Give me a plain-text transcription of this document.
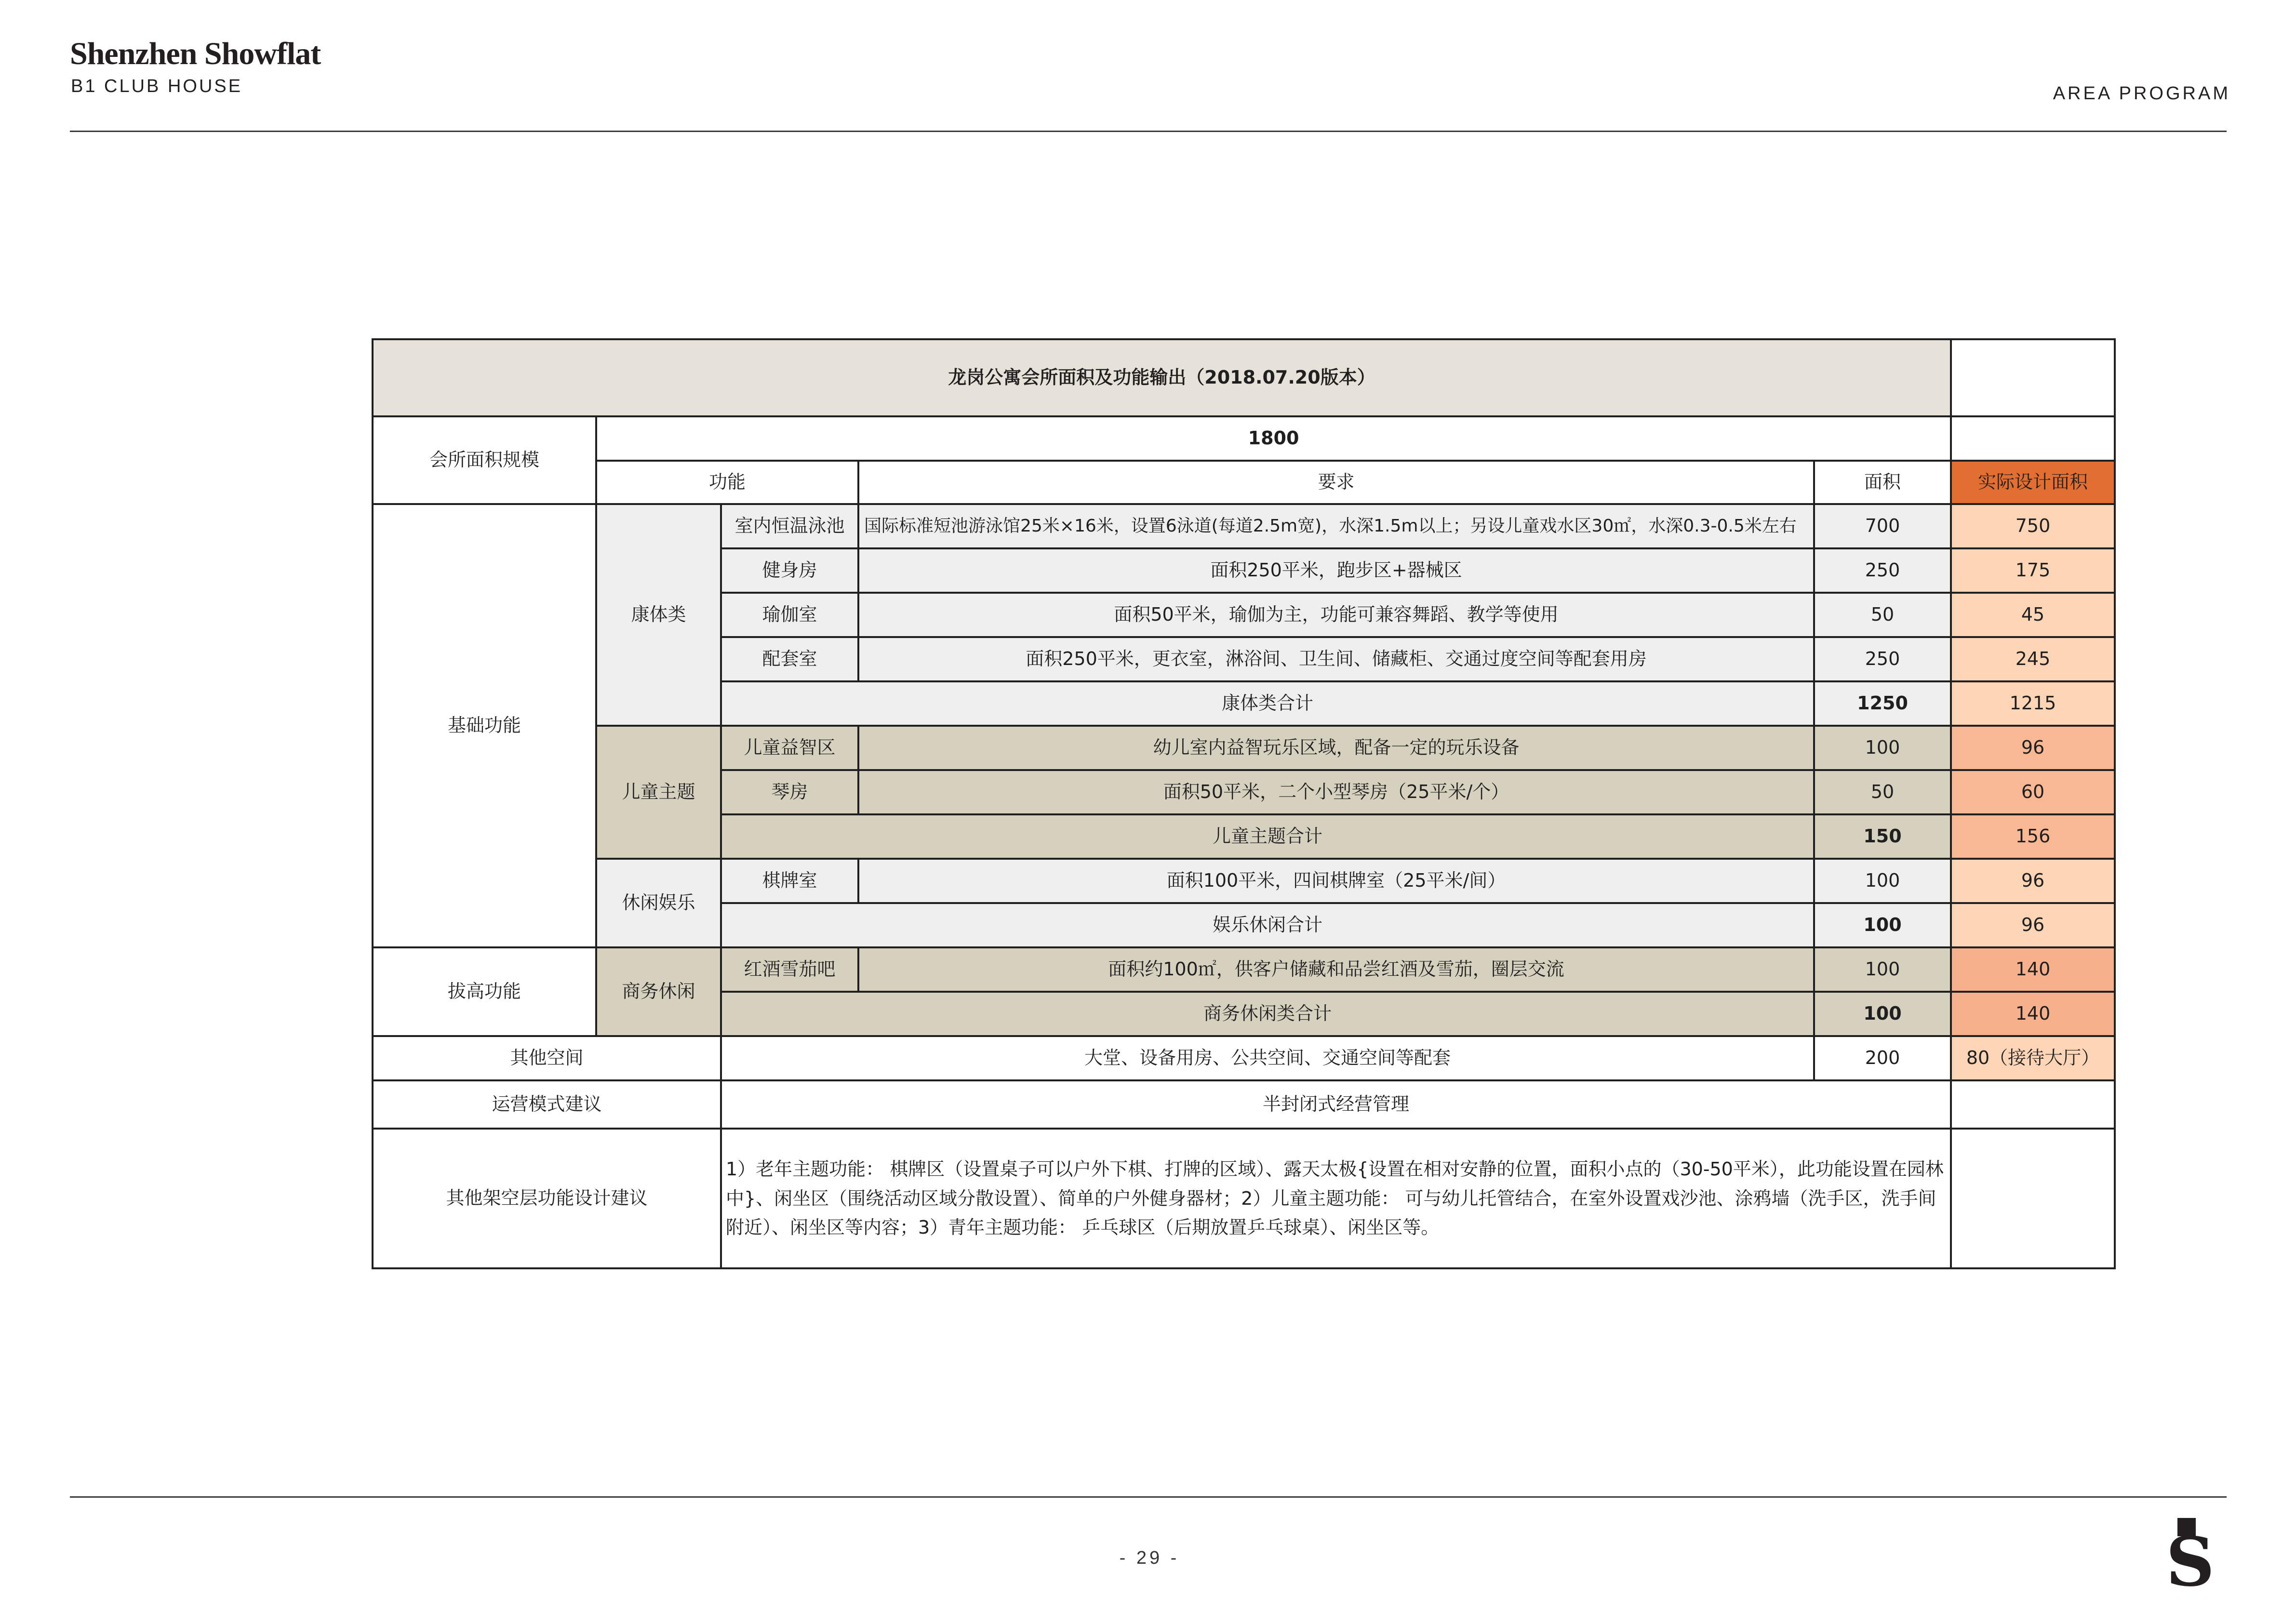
Shenzhen Showflat
B1 CLUB HOUSE	AREA PROGRAM
龙岗公寓会所面积及功能输出（2018.07.20版本）					
会所面积规模	1800				
	功能		要求	面积	实际设计面积
基础功能	康体类	室内恒温泳池	国际标准短池游泳馆25米×16米，设置6泳道(每道2.5m宽)，水深1.5m以上；另设儿童戏水区30㎡，水深0.3-0.5米左右	700	750
		健身房	面积250平米，跑步区+器械区	250	175
		瑜伽室	面积50平米，瑜伽为主，功能可兼容舞蹈、教学等使用	50	45
		配套室	面积250平米，更衣室，淋浴间、卫生间、储藏柜、交通过度空间等配套用房	250	245
		康体类合计		1250	1215
	儿童主题	儿童益智区	幼儿室内益智玩乐区域，配备一定的玩乐设备	100	96
		琴房	面积50平米，二个小型琴房（25平米/个）	50	60
		儿童主题合计		150	156
	休闲娱乐	棋牌室	面积100平米，四间棋牌室（25平米/间）	100	96
		娱乐休闲合计		100	96
拔高功能	商务休闲	红酒雪茄吧	面积约100㎡，供客户储藏和品尝红酒及雪茄，圈层交流	100	140
		商务休闲类合计		100	140
其他空间		大堂、设备用房、公共空间、交通空间等配套		200	80（接待大厅）
运营模式建议		半封闭式经营管理			
其他架空层功能设计建议		1）老年主题功能： 棋牌区（设置桌子可以户外下棋、打牌的区域）、露天太极{设置在相对安静的位置，面积小点的（30-50平米），此功能设置在园林中}、闲坐区（围绕活动区域分散设置）、简单的户外健身器材；2）儿童主题功能： 可与幼儿托管结合，在室外设置戏沙池、涂鸦墙（洗手区，洗手间附近）、闲坐区等内容；3）青年主题功能： 乒乓球区（后期放置乒乓球桌）、闲坐区等。			
- 29 -	S
